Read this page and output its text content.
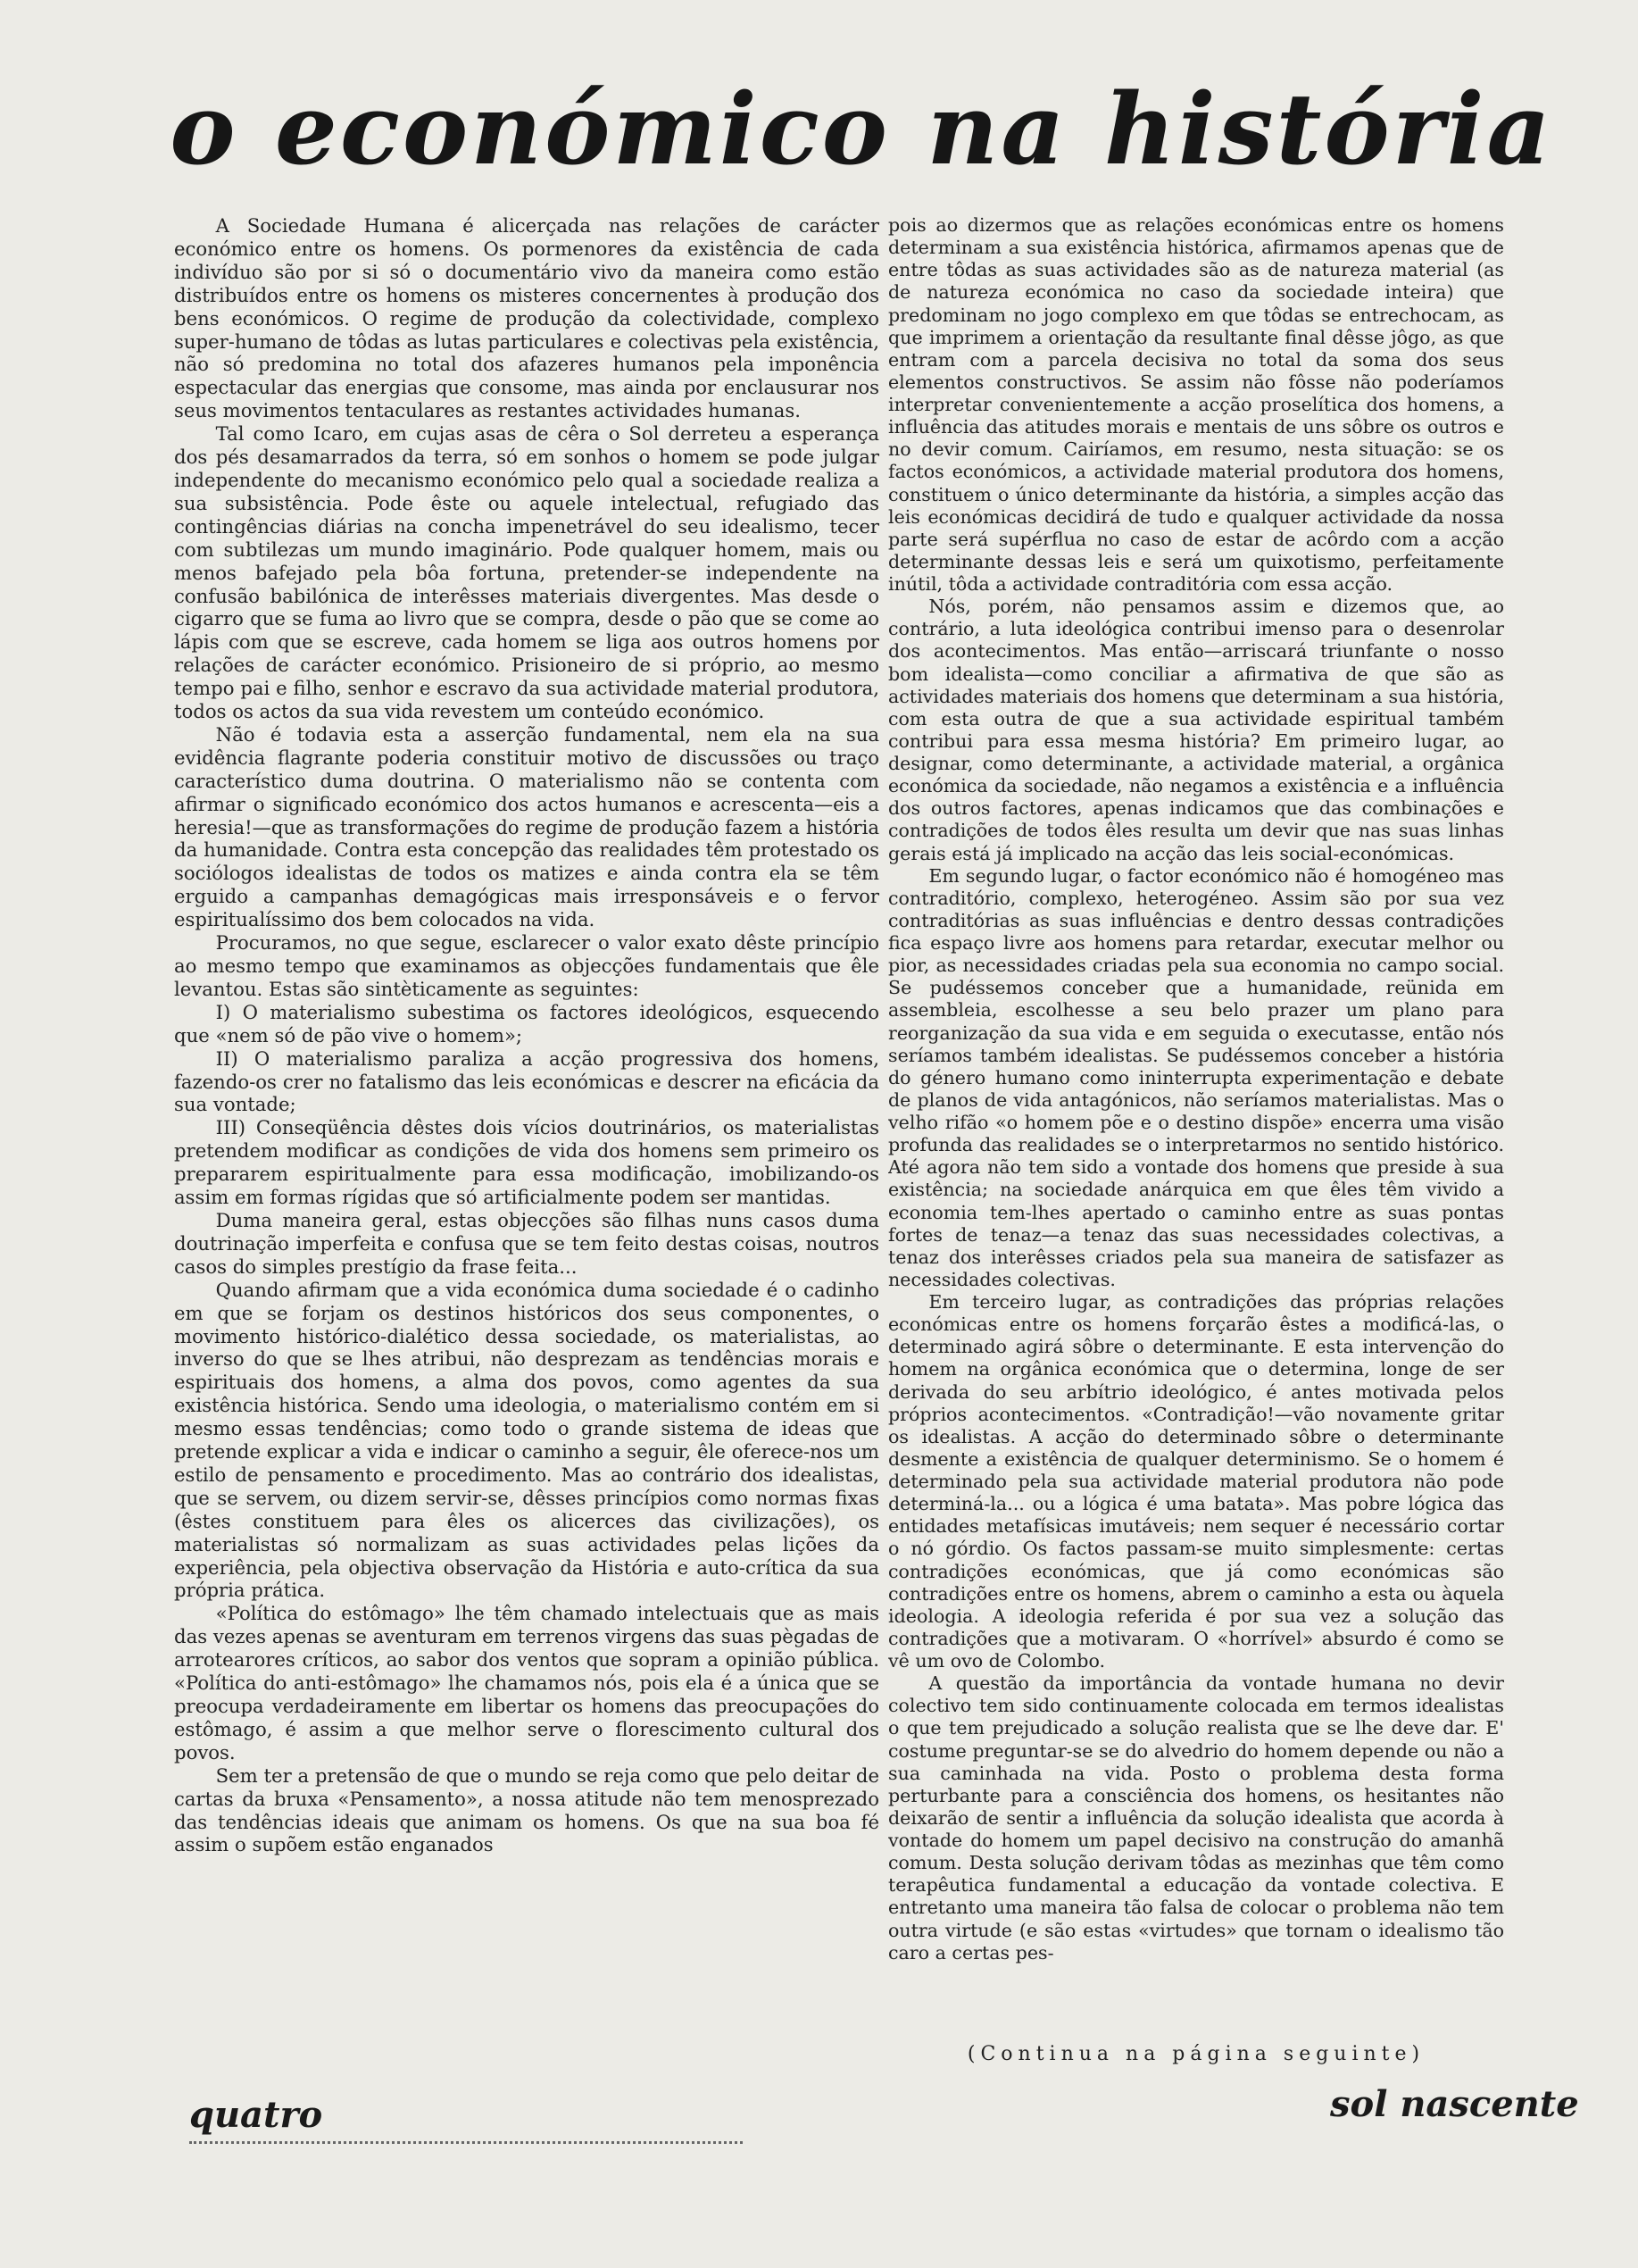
o económico na história

A Sociedade Humana é alicerçada nas relações de carácter económico entre os homens. Os pormenores da existência de cada indivíduo são por si só o documentário vivo da maneira como estão distribuídos entre os homens os misteres concernentes à produção dos bens económicos. O regime de produção da colectividade, complexo super-humano de tôdas as lutas particulares e colectivas pela existência, não só predomina no total dos afazeres humanos pela imponência espectacular das energias que consome, mas ainda por enclausurar nos seus movimentos tentaculares as restantes actividades humanas.

Tal como Icaro, em cujas asas de cêra o Sol derreteu a esperança dos pés desamarrados da terra, só em sonhos o homem se pode julgar independente do mecanismo económico pelo qual a sociedade realiza a sua subsistência. Pode êste ou aquele intelectual, refugiado das contingências diárias na concha impenetrável do seu idealismo, tecer com subtilezas um mundo imaginário. Pode qualquer homem, mais ou menos bafejado pela bôa fortuna, pretender-se independente na confusão babilónica de interêsses materiais divergentes. Mas desde o cigarro que se fuma ao livro que se compra, desde o pão que se come ao lápis com que se escreve, cada homem se liga aos outros homens por relações de carácter económico. Prisioneiro de si próprio, ao mesmo tempo pai e filho, senhor e escravo da sua actividade material produtora, todos os actos da sua vida revestem um conteúdo económico.

Não é todavia esta a asserção fundamental, nem ela na sua evidência flagrante poderia constituir motivo de discussões ou traço característico duma doutrina. O materialismo não se contenta com afirmar o significado económico dos actos humanos e acrescenta—eis a heresia!—que as transformações do regime de produção fazem a história da humanidade. Contra esta concepção das realidades têm protestado os sociólogos idealistas de todos os matizes e ainda contra ela se têm erguido a campanhas demagógicas mais irresponsáveis e o fervor espiritualíssimo dos bem colocados na vida.

Procuramos, no que segue, esclarecer o valor exato dêste princípio ao mesmo tempo que examinamos as objecções fundamentais que êle levantou. Estas são sintèticamente as seguintes:

I) O materialismo subestima os factores ideológicos, esquecendo que «nem só de pão vive o homem»;

II) O materialismo paraliza a acção progressiva dos homens, fazendo-os crer no fatalismo das leis económicas e descrer na eficácia da sua vontade;

III) Conseqüência dêstes dois vícios doutrinários, os materialistas pretendem modificar as condições de vida dos homens sem primeiro os prepararem espiritualmente para essa modificação, imobilizando-os assim em formas rígidas que só artificialmente podem ser mantidas.

Duma maneira geral, estas objecções são filhas nuns casos duma doutrinação imperfeita e confusa que se tem feito destas coisas, noutros casos do simples prestígio da frase feita...

Quando afirmam que a vida económica duma sociedade é o cadinho em que se forjam os destinos históricos dos seus componentes, o movimento histórico-dialético dessa sociedade, os materialistas, ao inverso do que se lhes atribui, não desprezam as tendências morais e espirituais dos homens, a alma dos povos, como agentes da sua existência histórica. Sendo uma ideologia, o materialismo contém em si mesmo essas tendências; como todo o grande sistema de ideas que pretende explicar a vida e indicar o caminho a seguir, êle oferece-nos um estilo de pensamento e procedimento. Mas ao contrário dos idealistas, que se servem, ou dizem servir-se, dêsses princípios como normas fixas (êstes constituem para êles os alicerces das civilizações), os materialistas só normalizam as suas actividades pelas lições da experiência, pela objectiva observação da História e auto-crítica da sua própria prática.

«Política do estômago» lhe têm chamado intelectuais que as mais das vezes apenas se aventuram em terrenos virgens das suas pègadas de arrotearores críticos, ao sabor dos ventos que sopram a opinião pública. «Política do anti-estômago» lhe chamamos nós, pois ela é a única que se preocupa verdadeiramente em libertar os homens das preocupações do estômago, é assim a que melhor serve o florescimento cultural dos povos.

Sem ter a pretensão de que o mundo se reja como que pelo deitar de cartas da bruxa «Pensamento», a nossa atitude não tem menosprezado das tendências ideais que animam os homens. Os que na sua boa fé assim o supõem estão enganados

pois ao dizermos que as relações económicas entre os homens determinam a sua existência histórica, afirmamos apenas que de entre tôdas as suas actividades são as de natureza material (as de natureza económica no caso da sociedade inteira) que predominam no jogo complexo em que tôdas se entrechocam, as que imprimem a orientação da resultante final dêsse jôgo, as que entram com a parcela decisiva no total da soma dos seus elementos constructivos. Se assim não fôsse não poderíamos interpretar convenientemente a acção proselítica dos homens, a influência das atitudes morais e mentais de uns sôbre os outros e no devir comum. Cairíamos, em resumo, nesta situação: se os factos económicos, a actividade material produtora dos homens, constituem o único determinante da história, a simples acção das leis económicas decidirá de tudo e qualquer actividade da nossa parte será supérflua no caso de estar de acôrdo com a acção determinante dessas leis e será um quixotismo, perfeitamente inútil, tôda a actividade contraditória com essa acção.

Nós, porém, não pensamos assim e dizemos que, ao contrário, a luta ideológica contribui imenso para o desenrolar dos acontecimentos. Mas então—arriscará triunfante o nosso bom idealista—como conciliar a afirmativa de que são as actividades materiais dos homens que determinam a sua história, com esta outra de que a sua actividade espiritual também contribui para essa mesma história? Em primeiro lugar, ao designar, como determinante, a actividade material, a orgânica económica da sociedade, não negamos a existência e a influência dos outros factores, apenas indicamos que das combinações e contradições de todos êles resulta um devir que nas suas linhas gerais está já implicado na acção das leis social-económicas.

Em segundo lugar, o factor económico não é homogéneo mas contraditório, complexo, heterogéneo. Assim são por sua vez contraditórias as suas influências e dentro dessas contradições fica espaço livre aos homens para retardar, executar melhor ou pior, as necessidades criadas pela sua economia no campo social. Se pudéssemos conceber que a humanidade, reünida em assembleia, escolhesse a seu belo prazer um plano para reorganização da sua vida e em seguida o executasse, então nós seríamos também idealistas. Se pudéssemos conceber a história do género humano como ininterrupta experimentação e debate de planos de vida antagónicos, não seríamos materialistas. Mas o velho rifão «o homem põe e o destino dispõe» encerra uma visão profunda das realidades se o interpretarmos no sentido histórico. Até agora não tem sido a vontade dos homens que preside à sua existência; na sociedade anárquica em que êles têm vivido a economia tem-lhes apertado o caminho entre as suas pontas fortes de tenaz—a tenaz das suas necessidades colectivas, a tenaz dos interêsses criados pela sua maneira de satisfazer as necessidades colectivas.

Em terceiro lugar, as contradições das próprias relações económicas entre os homens forçarão êstes a modificá-las, o determinado agirá sôbre o determinante. E esta intervenção do homem na orgânica económica que o determina, longe de ser derivada do seu arbítrio ideológico, é antes motivada pelos próprios acontecimentos. «Contradição!—vão novamente gritar os idealistas. A acção do determinado sôbre o determinante desmente a existência de qualquer determinismo. Se o homem é determinado pela sua actividade material produtora não pode determiná-la... ou a lógica é uma batata». Mas pobre lógica das entidades metafísicas imutáveis; nem sequer é necessário cortar o nó górdio. Os factos passam-se muito simplesmente: certas contradições económicas, que já como económicas são contradições entre os homens, abrem o caminho a esta ou àquela ideologia. A ideologia referida é por sua vez a solução das contradições que a motivaram. O «horrível» absurdo é como se vê um ovo de Colombo.

A questão da importância da vontade humana no devir colectivo tem sido continuamente colocada em termos idealistas o que tem prejudicado a solução realista que se lhe deve dar. E' costume preguntar-se se do alvedrio do homem depende ou não a sua caminhada na vida. Posto o problema desta forma perturbante para a consciência dos homens, os hesitantes não deixarão de sentir a influência da solução idealista que acorda à vontade do homem um papel decisivo na construção do amanhã comum. Desta solução derivam tôdas as mezinhas que têm como terapêutica fundamental a educação da vontade colectiva. E entretanto uma maneira tão falsa de colocar o problema não tem outra virtude (e são estas «virtudes» que tornam o idealismo tão caro a certas pes-

(Continua na página seguinte)
quatro	sol nascente
